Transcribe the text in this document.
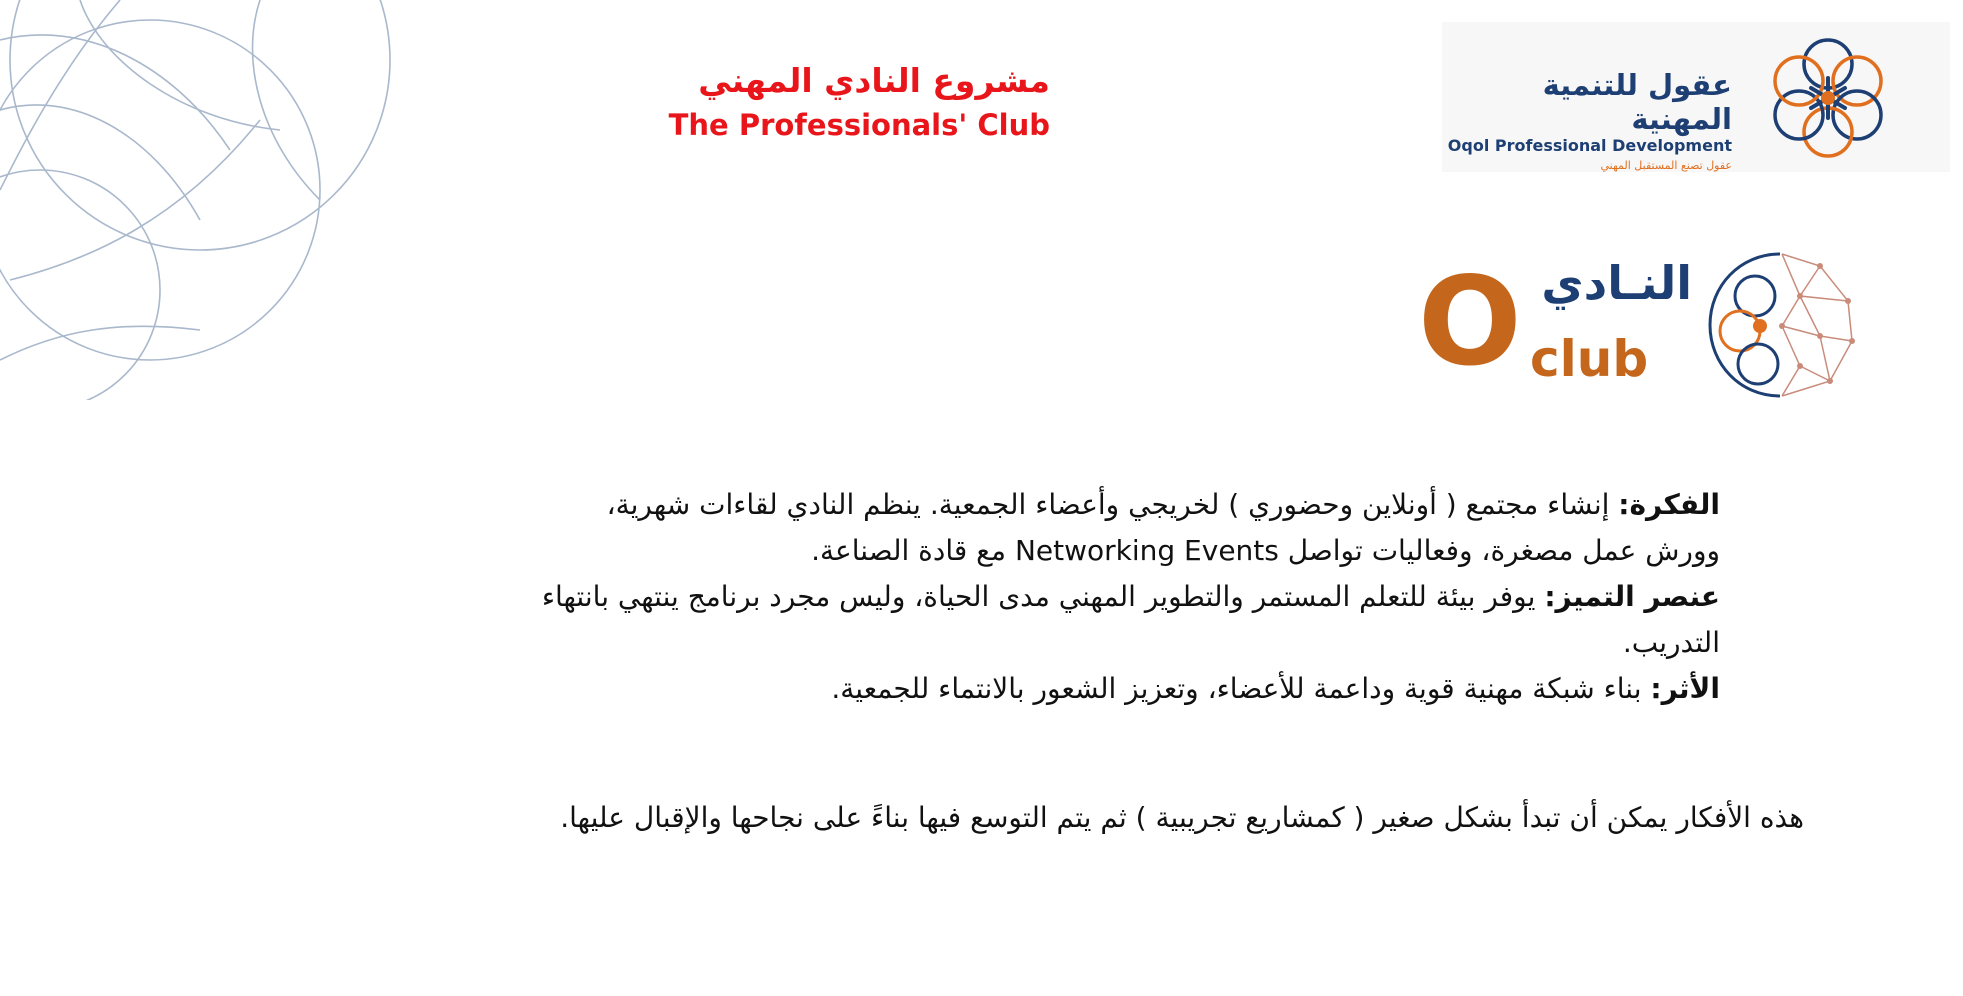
مشروع النادي المهني
The Professionals' Club
عقول للتنمية المهنية
Oqol Professional Development
عقول تصنع المستقبل المهني
O النـادي
club

الفكرة: إنشاء مجتمع ( أونلاين وحضوري ) لخريجي وأعضاء الجمعية. ينظم النادي لقاءات شهرية، وورش عمل مصغرة، وفعاليات تواصل Networking Events مع قادة الصناعة.

عنصر التميز: يوفر بيئة للتعلم المستمر والتطوير المهني مدى الحياة، وليس مجرد برنامج ينتهي بانتهاء التدريب.

الأثر: بناء شبكة مهنية قوية وداعمة للأعضاء، وتعزيز الشعور بالانتماء للجمعية.

هذه الأفكار يمكن أن تبدأ بشكل صغير ( كمشاريع تجريبية ) ثم يتم التوسع فيها بناءً على نجاحها والإقبال عليها.
